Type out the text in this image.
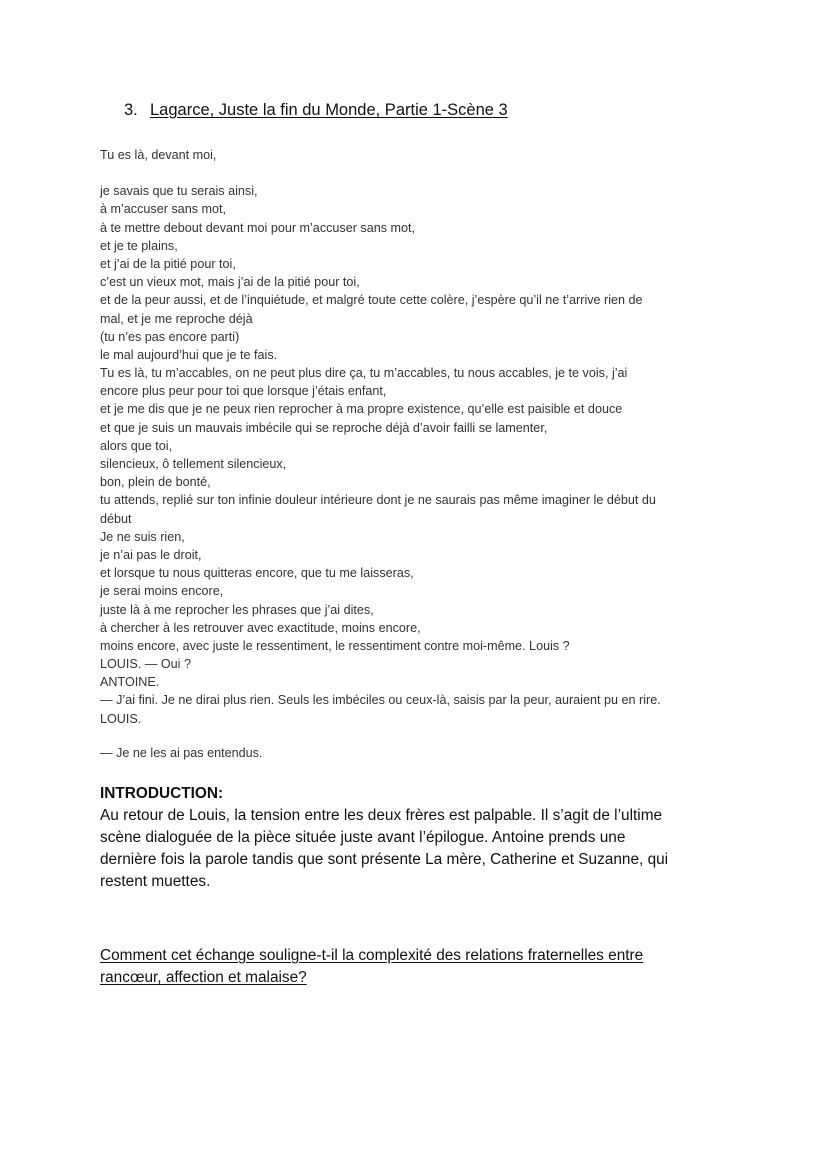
3. Lagarce, Juste la fin du Monde, Partie 1-Scène 3
Tu es là, devant moi,
je savais que tu serais ainsi,
à m’accuser sans mot,
à te mettre debout devant moi pour m’accuser sans mot,
et je te plains,
et j’ai de la pitié pour toi,
c’est un vieux mot, mais j’ai de la pitié pour toi,
et de la peur aussi, et de l’inquiétude, et malgré toute cette colère, j’espère qu’il ne t’arrive rien de
mal, et je me reproche déjà
(tu n’es pas encore parti)
le mal aujourd’hui que je te fais.
Tu es là, tu m’accables, on ne peut plus dire ça, tu m’accables, tu nous accables, je te vois, j’ai
encore plus peur pour toi que lorsque j’étais enfant,
et je me dis que je ne peux rien reprocher à ma propre existence, qu’elle est paisible et douce
et que je suis un mauvais imbécile qui se reproche déjà d’avoir failli se lamenter,
alors que toi,
silencieux, ô tellement silencieux,
bon, plein de bonté,
tu attends, replié sur ton infinie douleur intérieure dont je ne saurais pas même imaginer le début du
début
Je ne suis rien,
je n’ai pas le droit,
et lorsque tu nous quitteras encore, que tu me laisseras,
je serai moins encore,
juste là à me reprocher les phrases que j’ai dites,
à chercher à les retrouver avec exactitude, moins encore,
moins encore, avec juste le ressentiment, le ressentiment contre moi-même. Louis ?
LOUIS. — Oui ?
ANTOINE.
— J’ai fini. Je ne dirai plus rien. Seuls les imbéciles ou ceux-là, saisis par la peur, auraient pu en rire.
LOUIS.
— Je ne les ai pas entendus.
INTRODUCTION:
Au retour de Louis, la tension entre les deux frères est palpable. Il s’agit de l’ultime
scène dialoguée de la pièce située juste avant l’épilogue. Antoine prends une
dernière fois la parole tandis que sont présente La mère, Catherine et Suzanne, qui
restent muettes.
Comment cet échange souligne-t-il la complexité des relations fraternelles entre
rancœur, affection et malaise?
